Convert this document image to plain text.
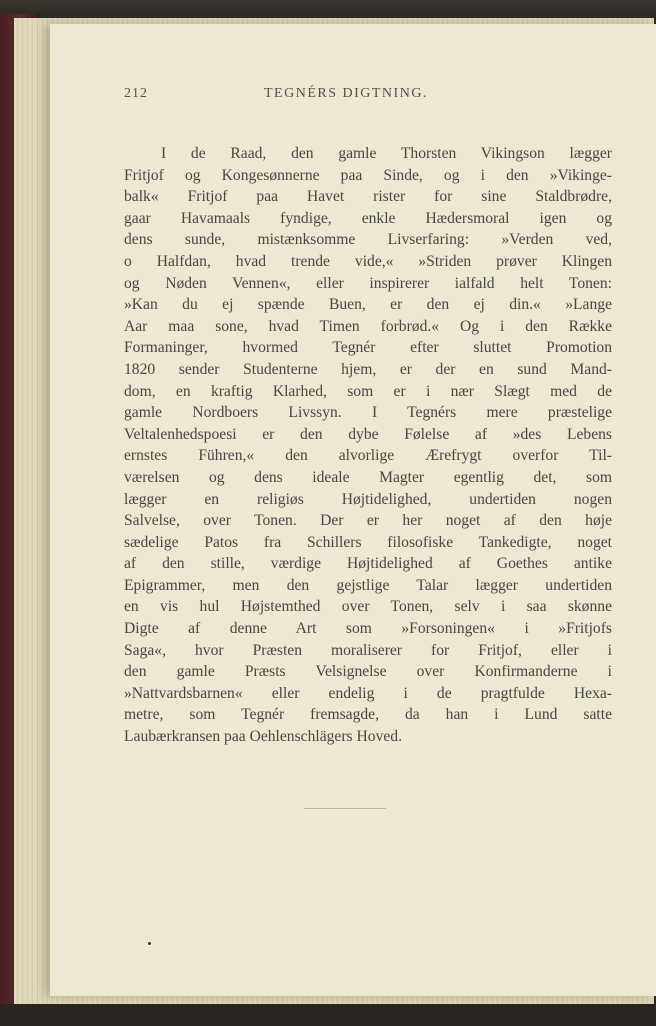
212	TEGNÉRS DIGTNING.
I de Raad, den gamle Thorsten Vikingson lægger
Fritjof og Kongesønnerne paa Sinde, og i den »Vikinge-
balk« Fritjof paa Havet rister for sine Staldbrødre,
gaar Havamaals fyndige, enkle Hædersmoral igen og
dens sunde, mistænksomme Livserfaring: »Verden ved,
o Halfdan, hvad trende vide,« »Striden prøver Klingen
og Nøden Vennen«, eller inspirerer ialfald helt Tonen:
»Kan du ej spænde Buen, er den ej din.« »Lange
Aar maa sone, hvad Timen forbrød.« Og i den Række
Formaninger, hvormed Tegnér efter sluttet Promotion
1820 sender Studenterne hjem, er der en sund Mand-
dom, en kraftig Klarhed, som er i nær Slægt med de
gamle Nordboers Livssyn. I Tegnérs mere præstelige
Veltalenhedspoesi er den dybe Følelse af »des Lebens
ernstes Führen,« den alvorlige Ærefrygt overfor Til-
værelsen og dens ideale Magter egentlig det, som
lægger en religiøs Højtidelighed, undertiden nogen
Salvelse, over Tonen. Der er her noget af den høje
sædelige Patos fra Schillers filosofiske Tankedigte, noget
af den stille, værdige Højtidelighed af Goethes antike
Epigrammer, men den gejstlige Talar lægger undertiden
en vis hul Højstemthed over Tonen, selv i saa skønne
Digte af denne Art som »Forsoningen« i »Fritjofs
Saga«, hvor Præsten moraliserer for Fritjof, eller i
den gamle Præsts Velsignelse over Konfirmanderne i
»Nattvardsbarnen« eller endelig i de pragtfulde Hexa-
metre, som Tegnér fremsagde, da han i Lund satte
Laubærkransen paa Oehlenschlägers Hoved.
